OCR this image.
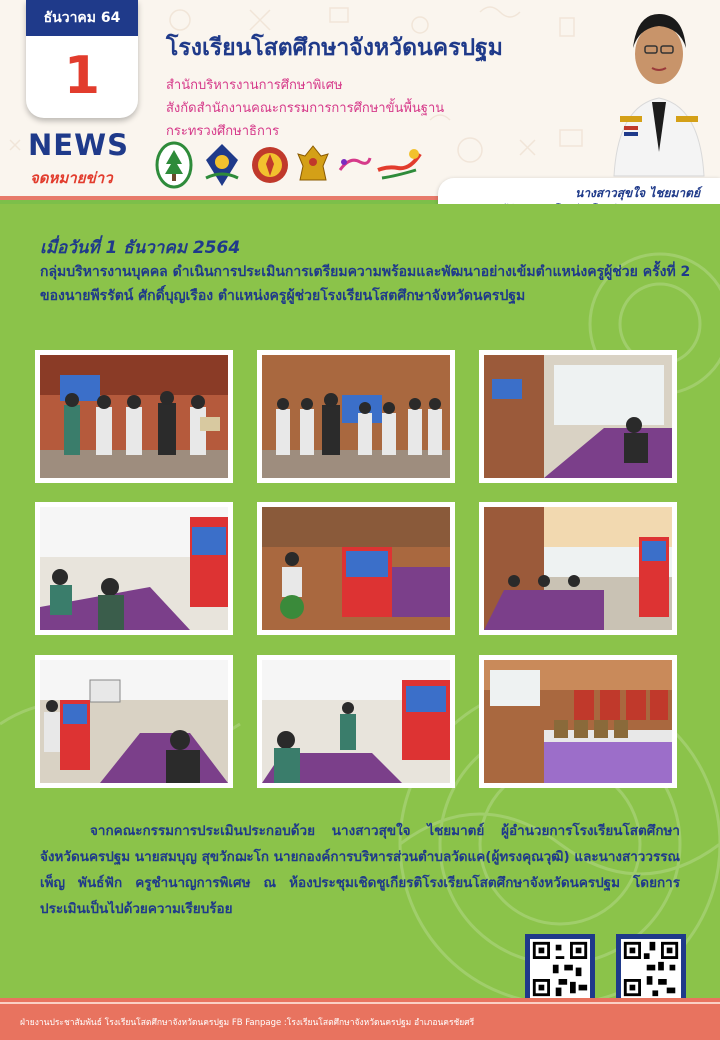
ธันวาคม 64
1
NEWS
จดหมายข่าว
โรงเรียนโสตศึกษาจังหวัดนครปฐม
สำนักบริหารงานการศึกษาพิเศษ
สังกัดสำนักงานคณะกรรมการการศึกษาขั้นพื้นฐาน
กระทรวงศึกษาธิการ
นางสาวสุขใจ ไชยมาตย์
เมื่อวันที่ 1 ธันวาคม 2564
กลุ่มบริหารงานบุคคล ดำเนินการประเมินการเตรียมความพร้อมและพัฒนาอย่างเข้มตำแหน่งครูผู้ช่วย ครั้งที่ 2 ของนายพีรรัตน์ ศักดิ์บุญเรือง ตำแหน่งครูผู้ช่วยโรงเรียนโสตศึกษาจังหวัดนครปฐม
จากคณะกรรมการประเมินประกอบด้วย นางสาวสุขใจ ไชยมาตย์ ผู้อำนวยการโรงเรียนโสตศึกษาจังหวัดนครปฐม นายสมบุญ สุขวักฌะโก นายกองค์การบริหารส่วนตำบลวัดแค(ผู้ทรงคุณวุฒิ) และนางสาววรรณเพ็ญ พันธ์ฟัก ครูชำนาญการพิเศษ ณ ห้องประชุมเชิดชูเกียรติโรงเรียนโสตศึกษาจังหวัดนครปฐม โดยการประเมินเป็นไปด้วยความเรียบร้อย
ฝ่ายงานประชาสัมพันธ์ โรงเรียนโสตศึกษาจังหวัดนครปฐม FB Fanpage :โรงเรียนโสตศึกษาจังหวัดนครปฐม อำเภอนครชัยศรี
